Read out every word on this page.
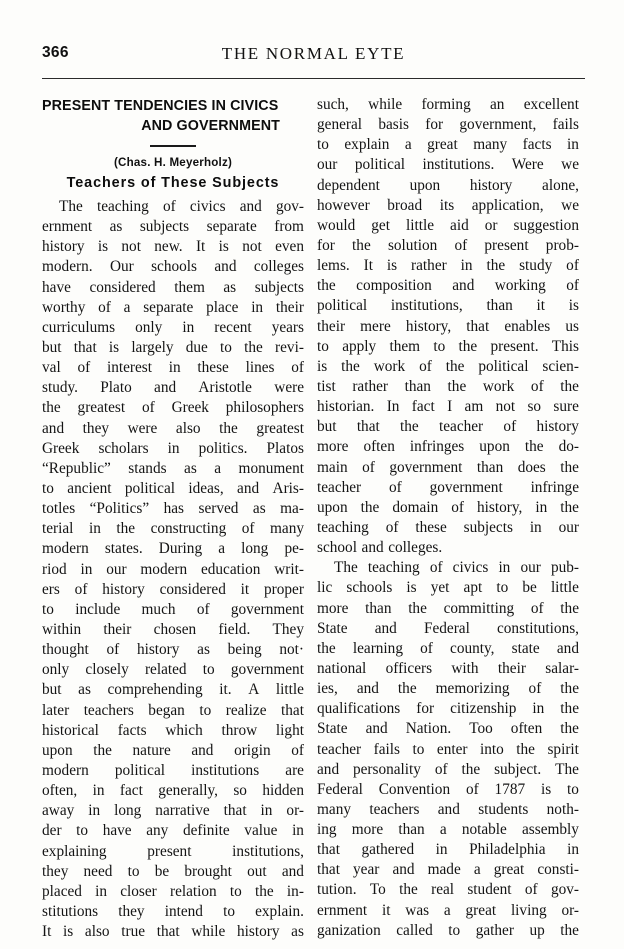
366	THE NORMAL EYTE
PRESENT TENDENCIES IN CIVICS
AND GOVERNMENT
(Chas. H. Meyerholz)
Teachers of These Subjects
The teaching of civics and gov-
ernment as subjects separate from
history is not new. It is not even
modern. Our schools and colleges
have considered them as subjects
worthy of a separate place in their
curriculums only in recent years
but that is largely due to the revi-
val of interest in these lines of
study. Plato and Aristotle were
the greatest of Greek philosophers
and they were also the greatest
Greek scholars in politics. Platos
“Republic” stands as a monument
to ancient political ideas, and Aris-
totles “Politics” has served as ma-
terial in the constructing of many
modern states. During a long pe-
riod in our modern education writ-
ers of history considered it proper
to include much of government
within their chosen field. They
thought of history as being not·
only closely related to government
but as comprehending it. A little
later teachers began to realize that
historical facts which throw light
upon the nature and origin of
modern political institutions are
often, in fact generally, so hidden
away in long narrative that in or-
der to have any definite value in
explaining	present	institutions,
they need to be brought out and
placed in closer relation to the in-
stitutions they intend to explain.
It is also true that while history as
such, while forming an excellent
general basis for government, fails
to explain a great many facts in
our political institutions. Were we
dependent upon history alone,
however broad its application, we
would get little aid or suggestion
for the solution of present prob-
lems. It is rather in the study of
the composition and working of
political institutions, than it is
their mere history, that enables us
to apply them to the present. This
is the work of the political scien-
tist rather than the work of the
historian. In fact I am not so sure
but that the teacher of history
more often infringes upon the do-
main of government than does the
teacher of government infringe
upon the domain of history, in the
teaching of these subjects in our
school and colleges.
The teaching of civics in our pub-
lic schools is yet apt to be little
more than the committing of the
State and Federal constitutions,
the learning of county, state and
national officers with their salar-
ies, and the memorizing of the
qualifications for citizenship in the
State and Nation. Too often the
teacher fails to enter into the spirit
and personality of the subject. The
Federal Convention of 1787 is to
many teachers and students noth-
ing more than a notable assembly
that gathered in Philadelphia in
that year and made a great consti-
tution. To the real student of gov-
ernment it was a great living or-
ganization called to gather up the
